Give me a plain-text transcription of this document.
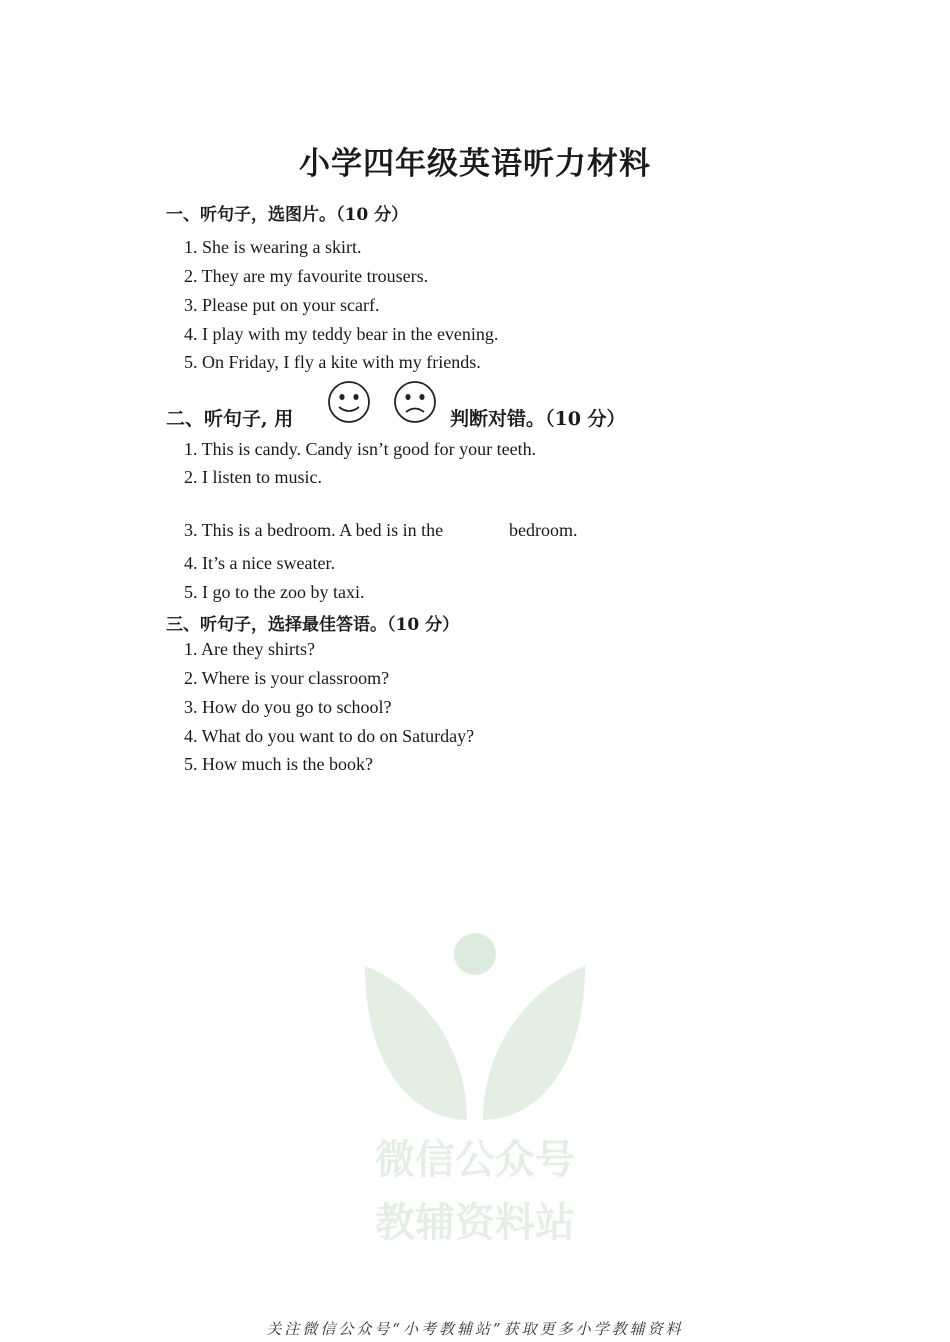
小学四年级英语听力材料
一、听句子，选图片。（10 分）
1. She is wearing a skirt.
2. They are my favourite trousers.
3. Please put on your scarf.
4. I play with my teddy bear in the evening.
5. On Friday, I fly a kite with my friends.
二、听句子, 用	判断对错。（10 分）
1. This is candy. Candy isn’t good for your teeth.
2. I listen to music.
3. This is a bedroom. A bed is in the	bedroom.
4. It’s a nice sweater.
5. I go to the zoo by taxi.
三、听句子，选择最佳答语。（10 分）
1. Are they shirts?
2. Where is your classroom?
3. How do you go to school?
4. What do you want to do on Saturday?
5. How much is the book?
微信公众号
教辅资料站
关注微信公众号“小考教辅站”获取更多小学教辅资料
